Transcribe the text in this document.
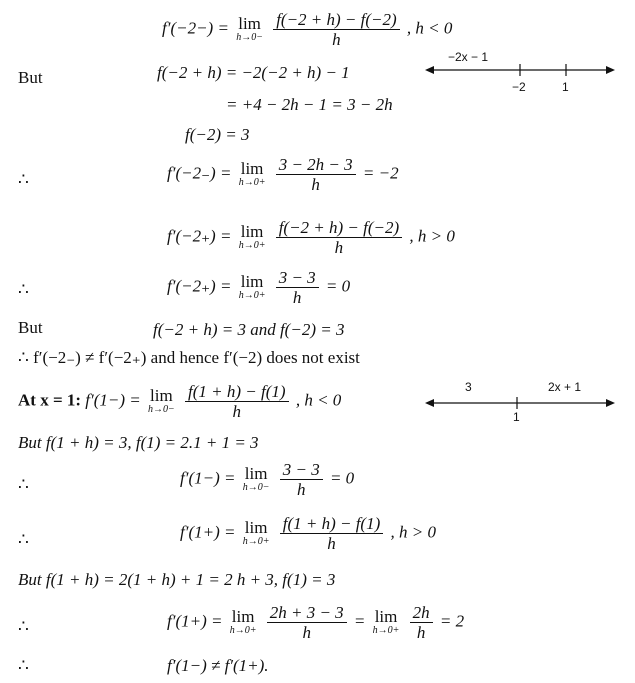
f′(−2−) = lim
h→0−
$\frac{f(-2 + h) - f(-2)}{h}$ , h < 0
−2x − 1
−2	1
But	f(−2 + h) = −2(−2 + h) − 1
= +4 − 2h − 1 = 3 − 2h
f(−2) = 3
∴	f′(−2₋) = lim
h→0+
$\frac{3 - 2h - 3}{h} = -2$
f′(−2₊) = lim
h→0+
$\frac{f(-2 + h) - f(-2)}{h}$ , h > 0
∴	f′(−2₊) = lim
h→0+
$\frac{3 - 3}{h} = 0$
But	f(−2 + h) = 3 and f(−2) = 3
∴ f′(−2₋) ≠ f′(−2₊) and hence f′(−2) does not exist
At x = 1: f′(1−) = lim
h→0−
$\frac{f(1 + h) - f(1)}{h}$ , h < 0
3	2x + 1
1
But f(1 + h) = 3, f(1) = 2.1 + 1 = 3
∴	f′(1−) = lim
h→0−
$\frac{3 - 3}{h} = 0$
∴	f′(1+) = lim
h→0+
$\frac{f(1 + h) - f(1)}{h}$ , h > 0
But f(1 + h) = 2(1 + h) + 1 = 2 h + 3, f(1) = 3
∴	f′(1+) = lim
h→0+
$\frac{2h + 3 - 3}{h} = \lim$
h→0+
$\frac{2h}{h} = 2$
∴	f′(1−) ≠ f′(1+).
